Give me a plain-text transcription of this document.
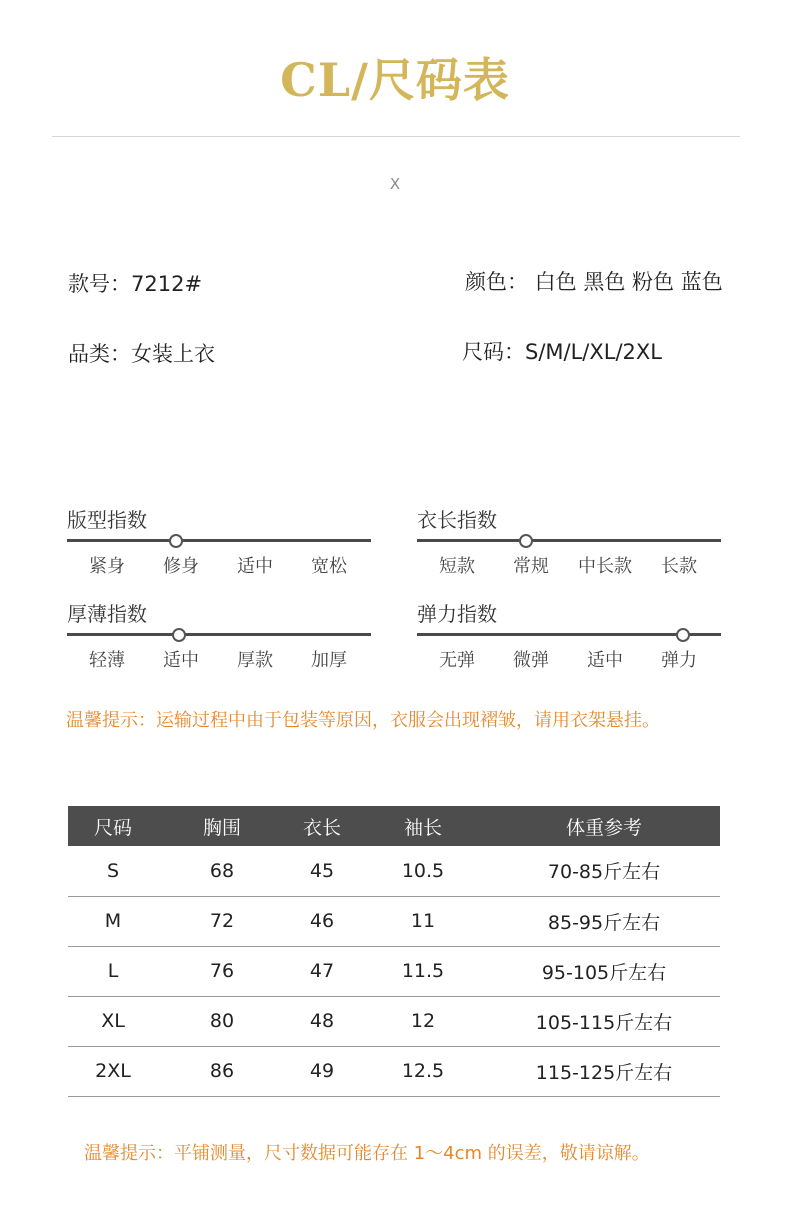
CL/尺码表
X
款号：7212#	颜色： 白色 黑色 粉色 蓝色
品类：女装上衣	尺码：S/M/L/XL/2XL
版型指数
紧身	修身	适中	宽松
衣长指数
短款	常规	中长款	长款
厚薄指数
轻薄	适中	厚款	加厚
弹力指数
无弹	微弹	适中	弹力
温馨提示：运输过程中由于包装等原因，衣服会出现褶皱，请用衣架悬挂。
尺码	胸围	衣长	袖长	体重参考
S	68	45	10.5	70-85斤左右
M	72	46	11	85-95斤左右
L	76	47	11.5	95-105斤左右
XL	80	48	12	105-115斤左右
2XL	86	49	12.5	115-125斤左右
温馨提示：平铺测量，尺寸数据可能存在 1～4cm 的误差，敬请谅解。
